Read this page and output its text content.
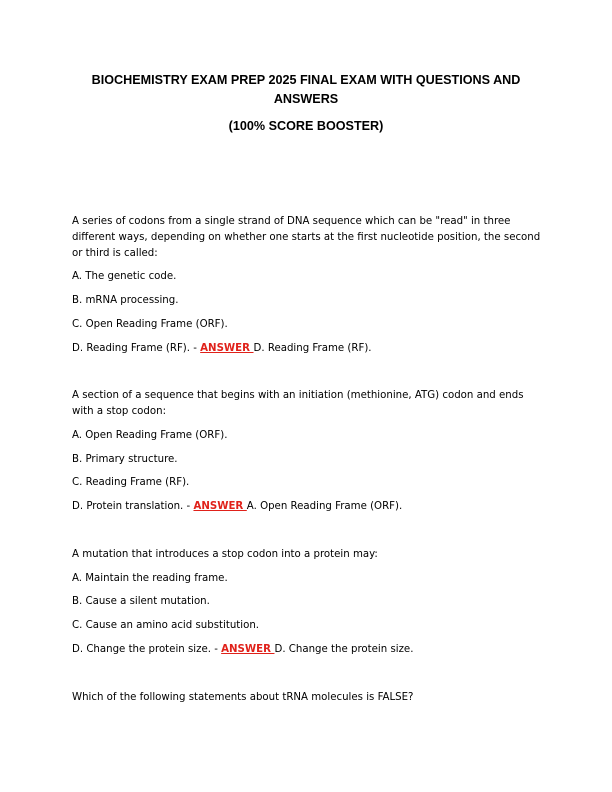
BIOCHEMISTRY EXAM PREP 2025 FINAL EXAM WITH QUESTIONS AND ANSWERS
(100% SCORE BOOSTER)

A series of codons from a single strand of DNA sequence which can be "read" in three different ways, depending on whether one starts at the first nucleotide position, the second or third is called:

A. The genetic code.

B. mRNA processing.

C. Open Reading Frame (ORF).

D. Reading Frame (RF). - ANSWER D. Reading Frame (RF).

A section of a sequence that begins with an initiation (methionine, ATG) codon and ends with a stop codon:

A. Open Reading Frame (ORF).

B. Primary structure.

C. Reading Frame (RF).

D. Protein translation. - ANSWER A. Open Reading Frame (ORF).

A mutation that introduces a stop codon into a protein may:

A. Maintain the reading frame.

B. Cause a silent mutation.

C. Cause an amino acid substitution.

D. Change the protein size. - ANSWER D. Change the protein size.

Which of the following statements about tRNA molecules is FALSE?
